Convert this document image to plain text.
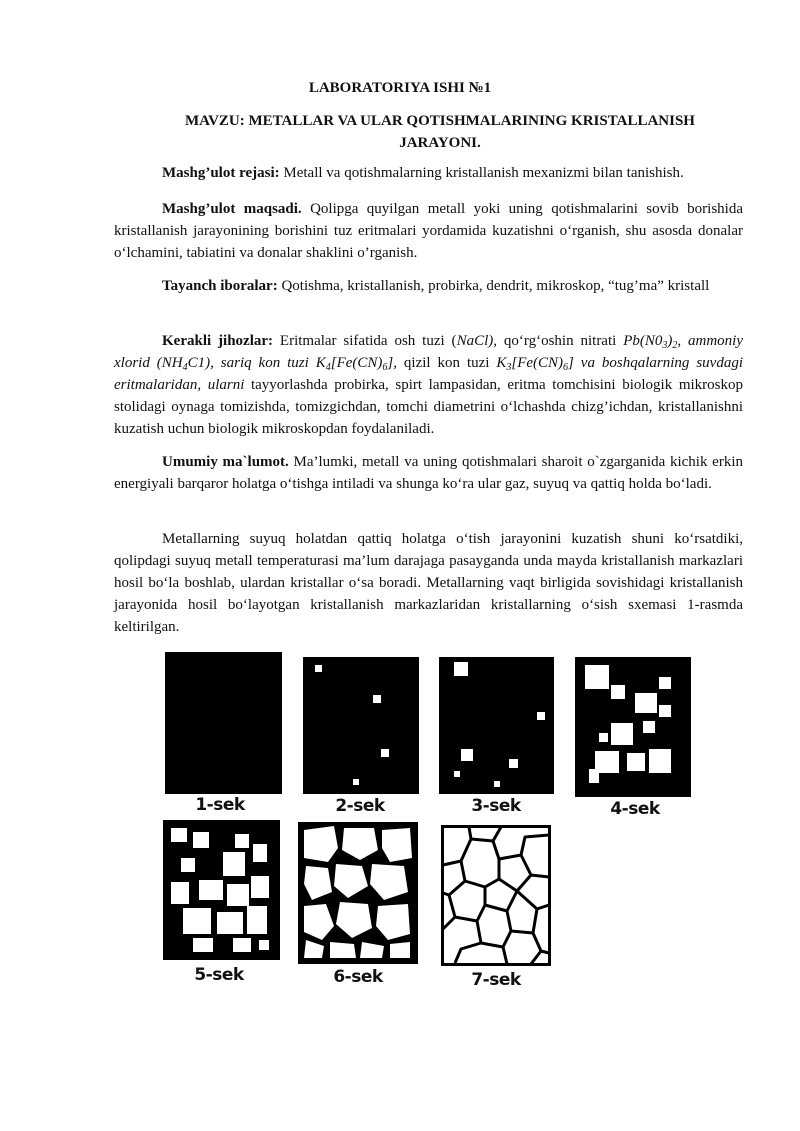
LABORATORIYA ISHI №1

MAVZU: METALLAR VA ULAR QOTISHMALARINING KRISTALLANISH JARAYONI.

Mashg’ulot rejasi: Metall va qotishmalarning kristallanish mexanizmi bilan tanishish.

Mashg’ulot maqsadi. Qolipga quyilgan metall yoki uning qotishmalarini sovib borishida kristallanish jarayonining borishini tuz eritmalari yordamida kuzatishni o‘rganish, shu asosda donalar o‘lchamini, tabiatini va donalar shaklini o’rganish.

Tayanch iboralar: Qotishma, kristallanish, probirka, dendrit, mikroskop, “tug’ma” kristall

Kerakli jihozlar: Eritmalar sifatida osh tuzi (NaCl), qo‘rg‘oshin nitrati $Pb(N0_3)_2$, ammoniy xlorid $(NH_4C1)$, sariq kon tuzi $K_4[Fe(CN)_6]$, qizil kon tuzi $K_3[Fe(CN)_6]$ va boshqalarning suvdagi eritmalaridan, ularni tayyorlashda probirka, spirt lampasidan, eritma tomchisini biologik mikroskop stolidagi oynaga tomizishda, tomizgichdan, tomchi diametrini o‘lchashda chizg’ichdan, kristallanishni kuzatish uchun biologik mikroskopdan foydalaniladi.

Umumiy ma`lumot. Ma’lumki, metall va uning qotishmalari sharoit o`zgarganida kichik erkin energiyali barqaror holatga o‘tishga intiladi va shunga ko‘ra ular gaz, suyuq va qattiq holda bo‘ladi.

Metallarning suyuq holatdan qattiq holatga o‘tish jarayonini kuzatish shuni ko‘rsatdiki, qolipdagi suyuq metall temperaturasi ma’lum darajaga pasayganda unda mayda kristallanish markazlari hosil bo‘la boshlab, ulardan kristallar o‘sa boradi. Metallarning vaqt birligida sovishidagi kristallanish jarayonida hosil bo‘layotgan kristallanish markazlaridan kristallarning o‘sish sxemasi 1-rasmda keltirilgan.

1-sek	2-sek	3-sek	4-sek
5-sek	6-sek	7-sek
